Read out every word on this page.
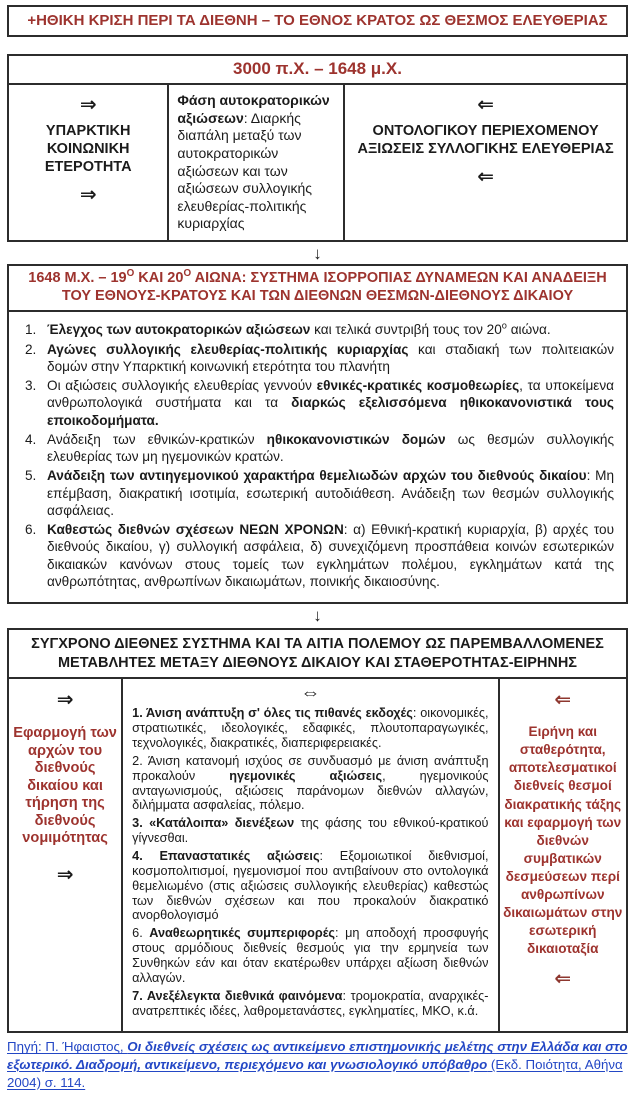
+ΗΘΙΚΗ ΚΡΙΣΗ ΠΕΡΙ ΤΑ ΔΙΕΘΝΗ – ΤΟ ΕΘΝΟΣ ΚΡΑΤΟΣ ΩΣ ΘΕΣΜΟΣ ΕΛΕΥΘΕΡΙΑΣ
3000 π.Χ. – 1648 μ.Χ.
⇒
ΥΠΑΡΚΤΙΚΗ ΚΟΙΝΩΝΙΚΗ ΕΤΕΡΟΤΗΤΑ
⇒

Φάση αυτοκρατορικών αξιώσεων: Διαρκής διαπάλη μεταξύ των αυτοκρατορικών αξιώσεων και των αξιώσεων συλλογικής ελευθερίας-πολιτικής κυριαρχίας

⇐
ΟΝΤΟΛΟΓΙΚΟΥ ΠΕΡΙΕΧΟΜΕΝΟΥ ΑΞΙΩΣΕΙΣ ΣΥΛΛΟΓΙΚΗΣ ΕΛΕΥΘΕΡΙΑΣ
⇐
↓
1648 Μ.Χ. – $19^O$ ΚΑΙ $20^O$ ΑΙΩΝΑ: ΣΥΣΤΗΜΑ ΙΣΟΡΡΟΠΙΑΣ ΔΥΝΑΜΕΩΝ ΚΑΙ ΑΝΑΔΕΙΞΗ ΤΟΥ ΕΘΝΟΥΣ-ΚΡΑΤΟΥΣ ΚΑΙ ΤΩΝ ΔΙΕΘΝΩΝ ΘΕΣΜΩΝ-ΔΙΕΘΝΟΥΣ ΔΙΚΑΙΟΥ
1. Έλεγχος των αυτοκρατορικών αξιώσεων και τελικά συντριβή τους τον $20^o$ αιώνα.
2. Αγώνες συλλογικής ελευθερίας-πολιτικής κυριαρχίας και σταδιακή των πολιτειακών δομών στην Υπαρκτική κοινωνική ετερότητα του πλανήτη
3. Οι αξιώσεις συλλογικής ελευθερίας γεννούν εθνικές-κρατικές κοσμοθεωρίες, τα υποκείμενα ανθρωπολογικά συστήματα και τα διαρκώς εξελισσόμενα ηθικοκανονιστικά τους εποικοδομήματα.
4. Ανάδειξη των εθνικών-κρατικών ηθικοκανονιστικών δομών ως θεσμών συλλογικής ελευθερίας των μη ηγεμονικών κρατών.
5. Ανάδειξη των αντιηγεμονικού χαρακτήρα θεμελιωδών αρχών του διεθνούς δικαίου: Μη επέμβαση, διακρατική ισοτιμία, εσωτερική αυτοδιάθεση. Ανάδειξη των θεσμών συλλογικής ασφάλειας.
6. Καθεστώς διεθνών σχέσεων ΝΕΩΝ ΧΡΟΝΩΝ: α) Εθνική-κρατική κυριαρχία, β) αρχές του διεθνούς δικαίου, γ) συλλογική ασφάλεια, δ) συνεχιζόμενη προσπάθεια κοινών εσωτερικών δικαιακών κανόνων στους τομείς των εγκλημάτων πολέμου, εγκλημάτων κατά της ανθρωπότητας, ανθρωπίνων δικαιωμάτων, ποινικής δικαιοσύνης.
↓
ΣΥΓΧΡΟΝΟ ΔΙΕΘΝΕΣ ΣΥΣΤΗΜΑ ΚΑΙ ΤΑ ΑΙΤΙΑ ΠΟΛΕΜΟΥ ΩΣ ΠΑΡΕΜΒΑΛΛΟΜΕΝΕΣ ΜΕΤΑΒΛΗΤΕΣ ΜΕΤΑΞΥ ΔΙΕΘΝΟΥΣ ΔΙΚΑΙΟΥ ΚΑΙ ΣΤΑΘΕΡΟΤΗΤΑΣ-ΕΙΡΗΝΗΣ
⇒
Εφαρμογή των αρχών του διεθνούς δικαίου και τήρηση της διεθνούς νομιμότητας
⇒
⇔

1. Άνιση ανάπτυξη σ' όλες τις πιθανές εκδοχές: οικονομικές, στρατιωτικές, ιδεολογικές, εδαφικές, πλουτοπαραγωγικές, τεχνολογικές, διακρατικές, διαπεριφερειακές.

2. Άνιση κατανομή ισχύος σε συνδυασμό με άνιση ανάπτυξη προκαλούν ηγεμονικές αξιώσεις, ηγεμονικούς ανταγωνισμούς, αξιώσεις παράνομων διεθνών αλλαγών, διλήμματα ασφαλείας, πόλεμο.

3. «Κατάλοιπα» διενέξεων της φάσης του εθνικού-κρατικού γίγνεσθαι.

4. Επαναστατικές αξιώσεις: Εξομοιωτικοί διεθνισμοί, κοσμοπολιτισμοί, ηγεμονισμοί που αντιβαίνουν στο οντολογικά θεμελιωμένο (στις αξιώσεις συλλογικής ελευθερίας) καθεστώς των διεθνών σχέσεων και που προκαλούν διακρατικό ανορθολογισμό

6. Αναθεωρητικές συμπεριφορές: μη αποδοχή προσφυγής στους αρμόδιους διεθνείς θεσμούς για την ερμηνεία των Συνθηκών εάν και όταν εκατέρωθεν υπάρχει αξίωση διεθνών αλλαγών.

7. Ανεξέλεγκτα διεθνικά φαινόμενα: τρομοκρατία, αναρχικές-ανατρεπτικές ιδέες, λαθρομετανάστες, εγκληματίες, ΜΚΟ, κ.ά.

⇐
Ειρήνη και σταθερότητα, αποτελεσματικοί διεθνείς θεσμοί διακρατικής τάξης και εφαρμογή των διεθνών συμβατικών δεσμεύσεων περί ανθρωπίνων δικαιωμάτων στην εσωτερική δικαιοταξία
⇐
Πηγή: Π. Ήφαιστος, Οι διεθνείς σχέσεις ως αντικείμενο επιστημονικής μελέτης στην Ελλάδα και στο εξωτερικό. Διαδρομή, αντικείμενο, περιεχόμενο και γνωσιολογικό υπόβαθρο (Εκδ. Ποιότητα, Αθήνα 2004) σ. 114.
